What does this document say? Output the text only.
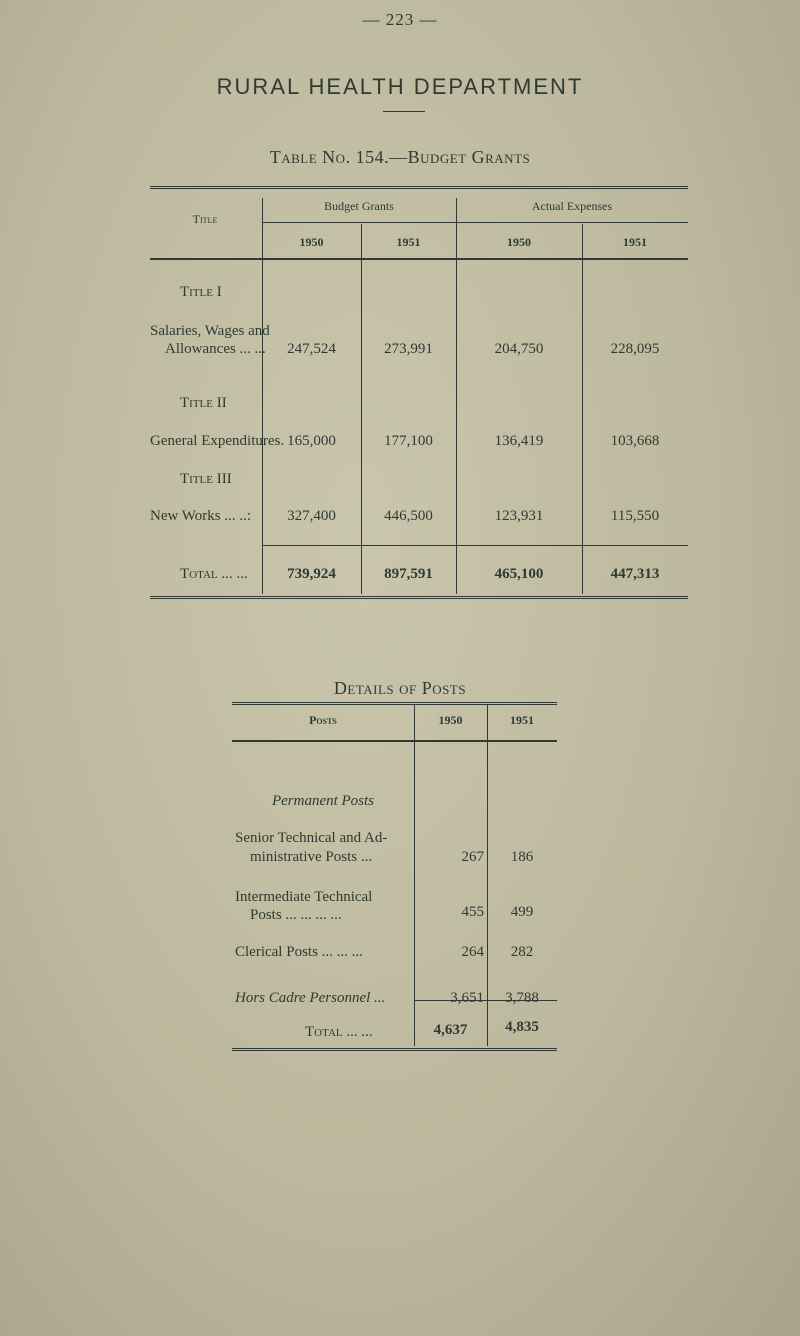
— 223 —
RURAL HEALTH DEPARTMENT
Table No. 154.—Budget Grants
Title
Budget Grants	Actual Expenses
1950	1951	1950	1951
Title I
Salaries, Wages and
Allowances ... ...	247,524	273,991	204,750	228,095
Title II
General Expenditures. 165,000	177,100	136,419	103,668
Title III
New Works ... ..:	327,400	446,500	123,931	115,550
Total ... ...	739,924	897,591	465,100	447,313
Details of Posts
Posts	1950	1951
Permanent Posts
Senior Technical and Ad-
ministrative Posts ...	267	186
Intermediate Technical
Posts ... ... ... ...	455	499
Clerical Posts ... ... ...	264	282
Hors Cadre Personnel ...	3,651	3,788
Total ... ...	4,637	4,835
